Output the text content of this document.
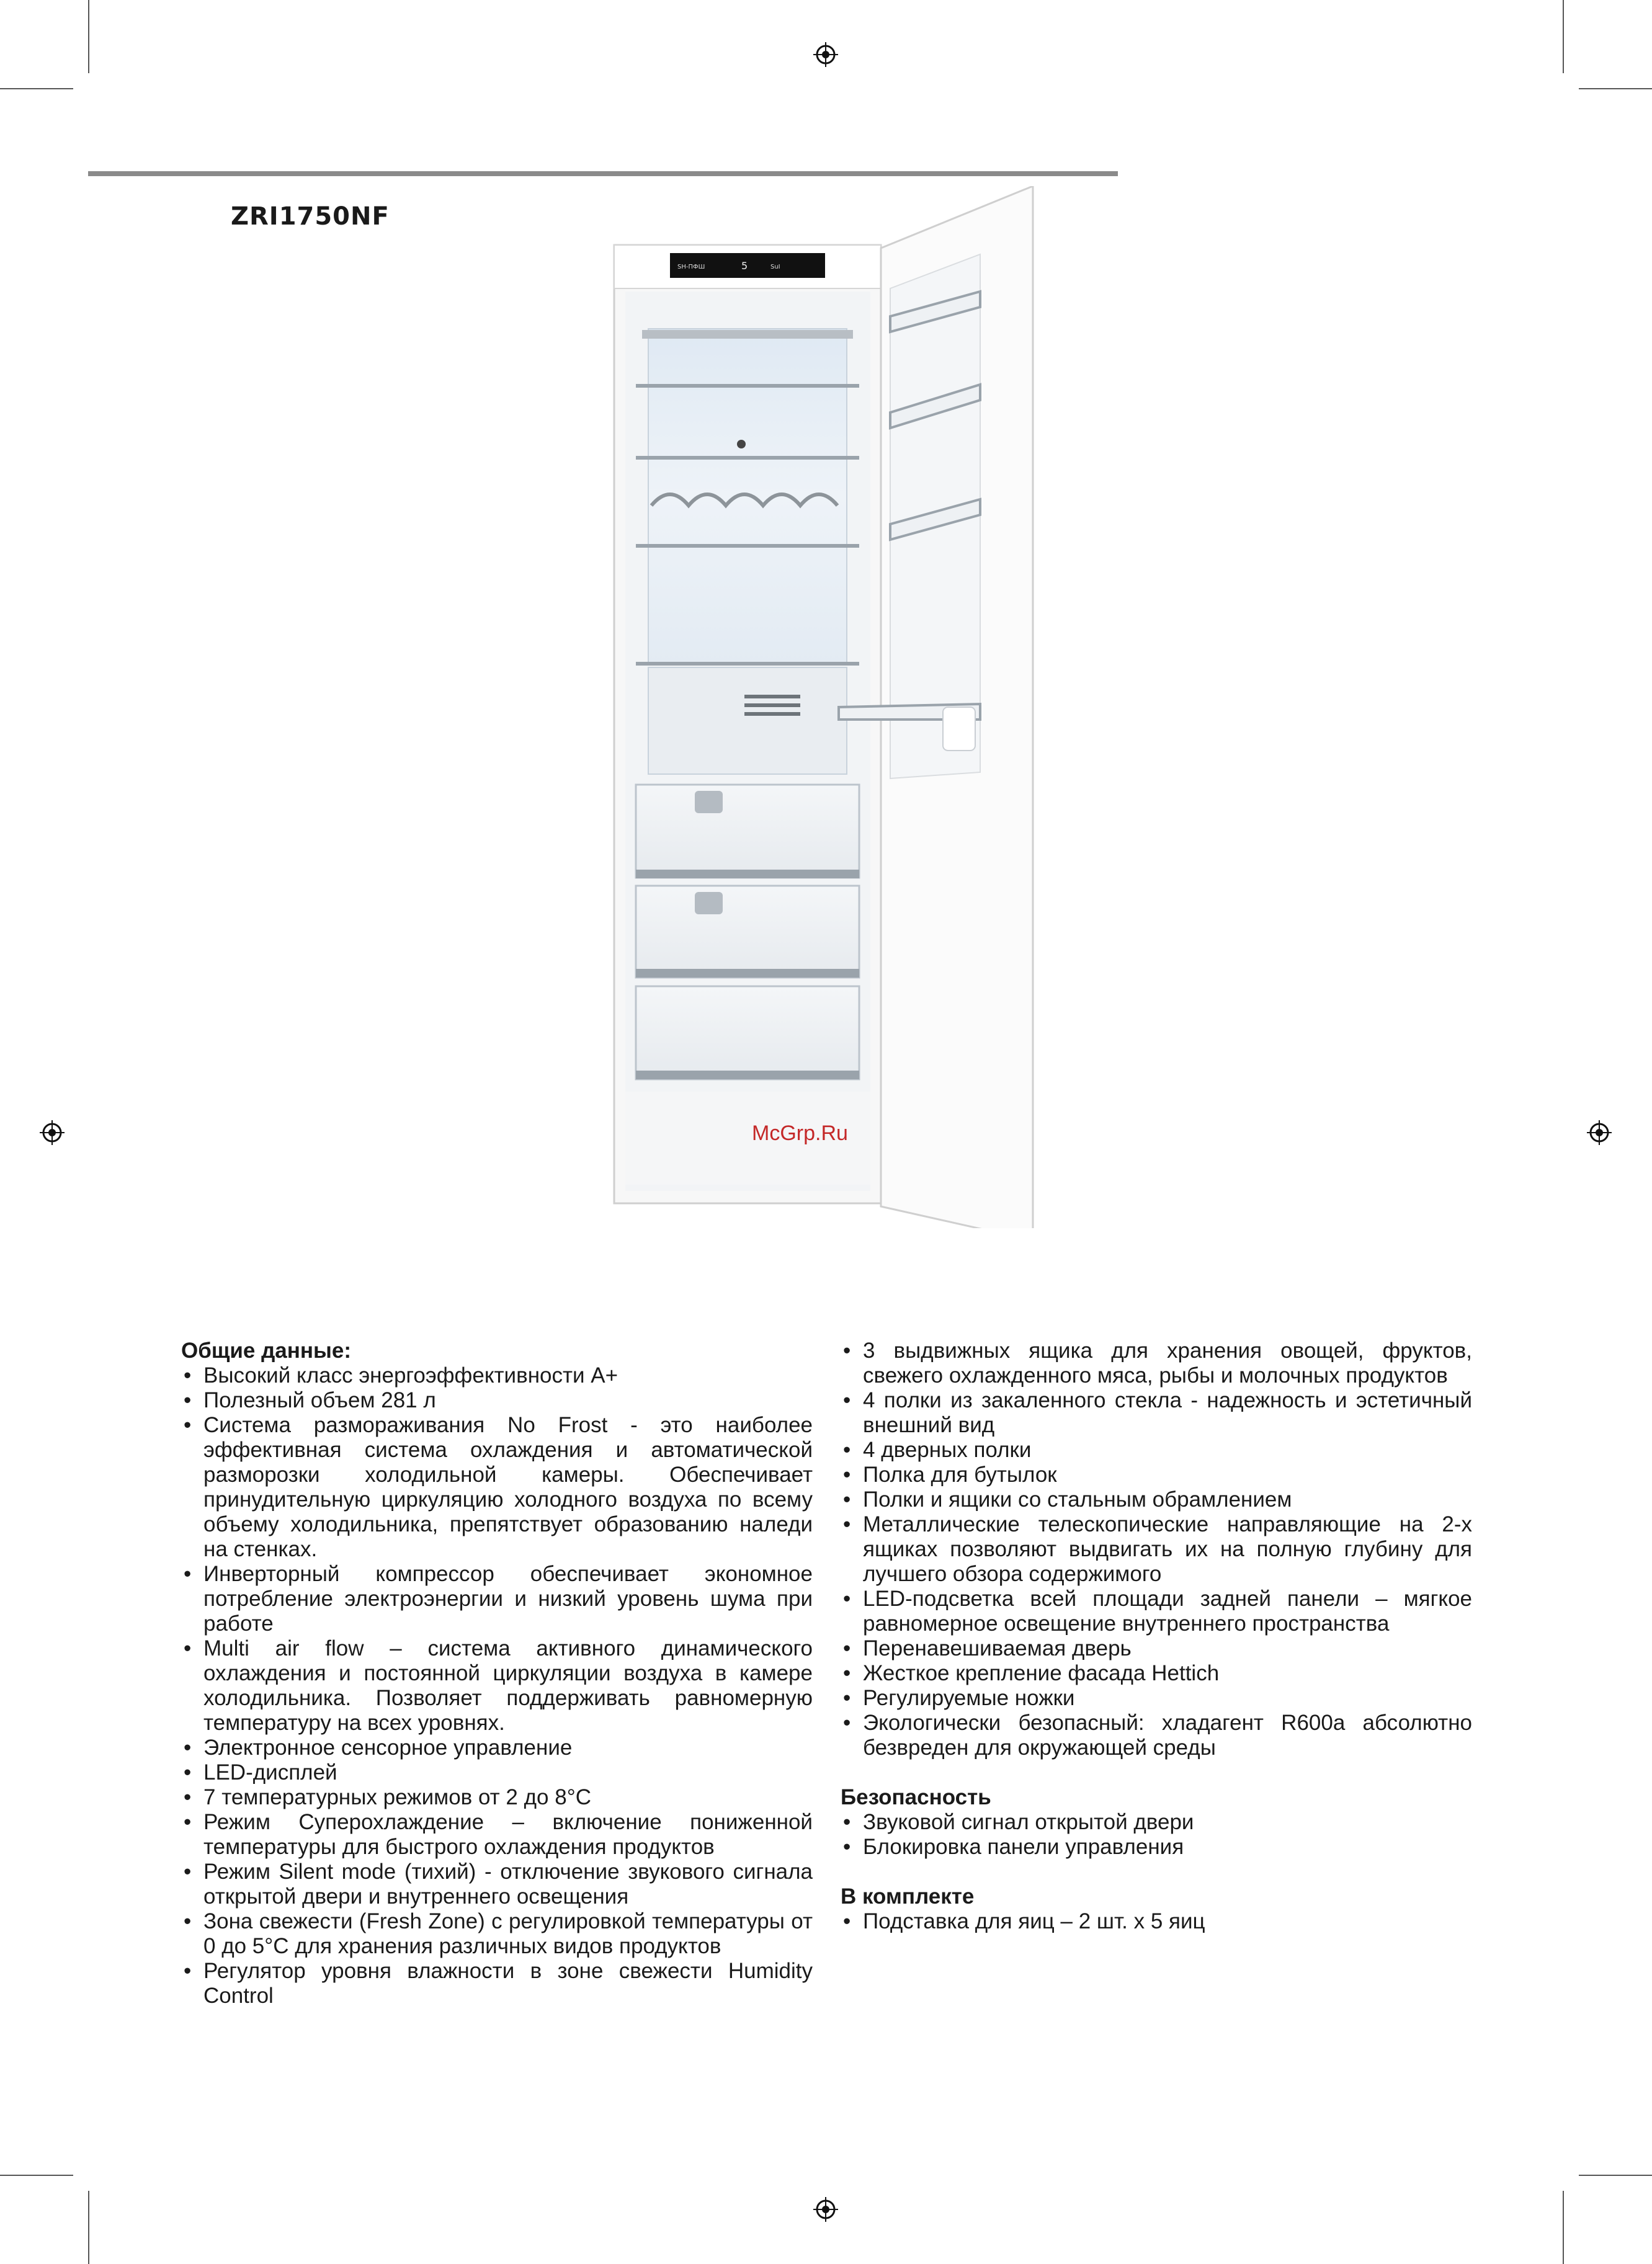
ZRI1750NF
SH-ПФШ	5	SuI
McGrp.Ru

Общие данные:

• Высокий класс энергоэффективности A+
• Полезный объем 281 л
• Система размораживания No Frost - это наиболее эффективная система охлаждения и автоматической разморозки холодильной камеры. Обеспечивает принудительную циркуляцию холодного воздуха по всему объему холодильника, препятствует образованию наледи на стенках.
• Инверторный компрессор обеспечивает экономное потребление электроэнергии и низкий уровень шума при работе
• Multi air flow – система активного динамического охлаждения и постоянной циркуляции воздуха в камере холодильника. Позволяет поддерживать равномерную температуру на всех уровнях.
• Электронное сенсорное управление
• LED-дисплей
• 7 температурных режимов от 2 до 8°C
• Режим Суперохлаждение – включение пониженной температуры для быстрого охлаждения продуктов
• Режим Silent mode (тихий) - отключение звукового сигнала открытой двери и внутреннего освещения
• Зона свежести (Fresh Zone) с регулировкой температуры от 0 до 5°C для хранения различных видов продуктов
• Регулятор уровня влажности в зоне свежести Humidity Control
• 3 выдвижных ящика для хранения овощей, фруктов, свежего охлажденного мяса, рыбы и молочных продуктов
• 4 полки из закаленного стекла - надежность и эстетичный внешний вид
• 4 дверных полки
• Полка для бутылок
• Полки и ящики со стальным обрамлением
• Металлические телескопические направляющие на 2-х ящиках позволяют выдвигать их на полную глубину для лучшего обзора содержимого
• LED-подсветка всей площади задней панели – мягкое равномерное освещение внутреннего пространства
• Перенавешиваемая дверь
• Жесткое крепление фасада Hettich
• Регулируемые ножки
• Экологически безопасный: хладагент R600a абсолютно безвреден для окружающей среды

Безопасность

• Звуковой сигнал открытой двери
• Блокировка панели управления

В комплекте

• Подставка для яиц – 2 шт. х 5 яиц
